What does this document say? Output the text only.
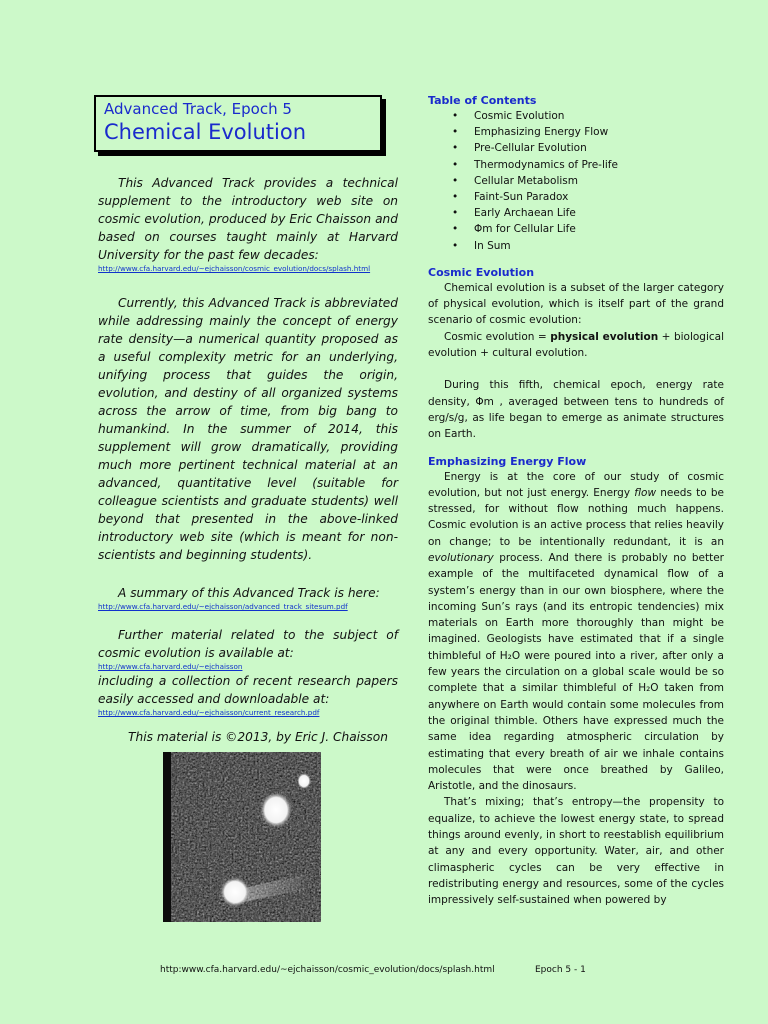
Advanced Track, Epoch 5
Chemical Evolution

This Advanced Track provides a technical supplement to the introductory web site on cosmic evolution, produced by Eric Chaisson and based on courses taught mainly at Harvard University for the past few decades:

http://www.cfa.harvard.edu/~ejchaisson/cosmic_evolution/docs/splash.html

Currently, this Advanced Track is abbreviated while addressing mainly the concept of energy rate density—a numerical quantity proposed as a useful complexity metric for an underlying, unifying process that guides the origin, evolution, and destiny of all organized systems across the arrow of time, from big bang to humankind. In the summer of 2014, this supplement will grow dramatically, providing much more pertinent technical material at an advanced, quantitative level (suitable for colleague scientists and graduate students) well beyond that presented in the above-linked introductory web site (which is meant for non-scientists and beginning students).

A summary of this Advanced Track is here:

http://www.cfa.harvard.edu/~ejchaisson/advanced_track_sitesum.pdf

Further material related to the subject of cosmic evolution is available at:

http://www.cfa.harvard.edu/~ejchaisson

including a collection of recent research papers easily accessed and downloadable at:

http://www.cfa.harvard.edu/~ejchaisson/current_research.pdf

This material is ©2013, by Eric J. Chaisson

Table of Contents

• Cosmic Evolution
• Emphasizing Energy Flow
• Pre-Cellular Evolution
• Thermodynamics of Pre-life
• Cellular Metabolism
• Faint-Sun Paradox
• Early Archaean Life
• Φm for Cellular Life
• In Sum

Cosmic Evolution

Chemical evolution is a subset of the larger category of physical evolution, which is itself part of the grand scenario of cosmic evolution:

Cosmic evolution = physical evolution + biological evolution + cultural evolution.

During this fifth, chemical epoch, energy rate density, Φm , averaged between tens to hundreds of erg/s/g, as life began to emerge as animate structures on Earth.

Emphasizing Energy Flow

Energy is at the core of our study of cosmic evolution, but not just energy. Energy flow needs to be stressed, for without flow nothing much happens. Cosmic evolution is an active process that relies heavily on change; to be intentionally redundant, it is an evolutionary process. And there is probably no better example of the multifaceted dynamical flow of a system’s energy than in our own biosphere, where the incoming Sun’s rays (and its entropic tendencies) mix materials on Earth more thoroughly than might be imagined. Geologists have estimated that if a single thimbleful of H₂O were poured into a river, after only a few years the circulation on a global scale would be so complete that a similar thimbleful of H₂O taken from anywhere on Earth would contain some molecules from the original thimble. Others have expressed much the same idea regarding atmospheric circulation by estimating that every breath of air we inhale contains molecules that were once breathed by Galileo, Aristotle, and the dinosaurs.

That’s mixing; that’s entropy—the propensity to equalize, to achieve the lowest energy state, to spread things around evenly, in short to reestablish equilibrium at any and every opportunity. Water, air, and other climaspheric cycles can be very effective in redistributing energy and resources, some of the cycles impressively self-sustained when powered by

http:www.cfa.harvard.edu/~ejchaisson/cosmic_evolution/docs/splash.html	Epoch 5 - 1
